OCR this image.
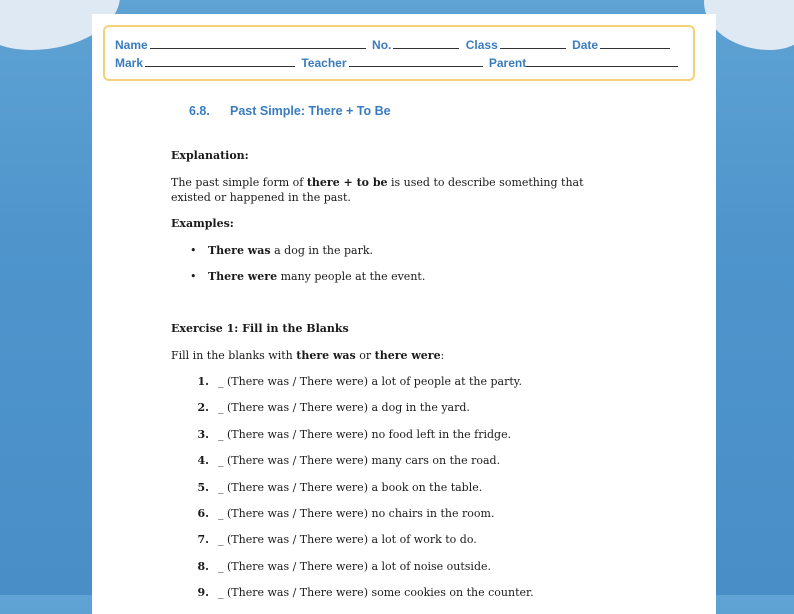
Name	No.	Class	Date
Mark	Teacher	Parent
6.8. Past Simple: There + To Be
Explanation:
The past simple form of there + to be is used to describe something that existed or happened in the past.
Examples:
• There was a dog in the park.
• There were many people at the event.
Exercise 1: Fill in the Blanks
Fill in the blanks with there was or there were:
1. _ (There was / There were) a lot of people at the party.
2. _ (There was / There were) a dog in the yard.
3. _ (There was / There were) no food left in the fridge.
4. _ (There was / There were) many cars on the road.
5. _ (There was / There were) a book on the table.
6. _ (There was / There were) no chairs in the room.
7. _ (There was / There were) a lot of work to do.
8. _ (There was / There were) a lot of noise outside.
9. _ (There was / There were) some cookies on the counter.
